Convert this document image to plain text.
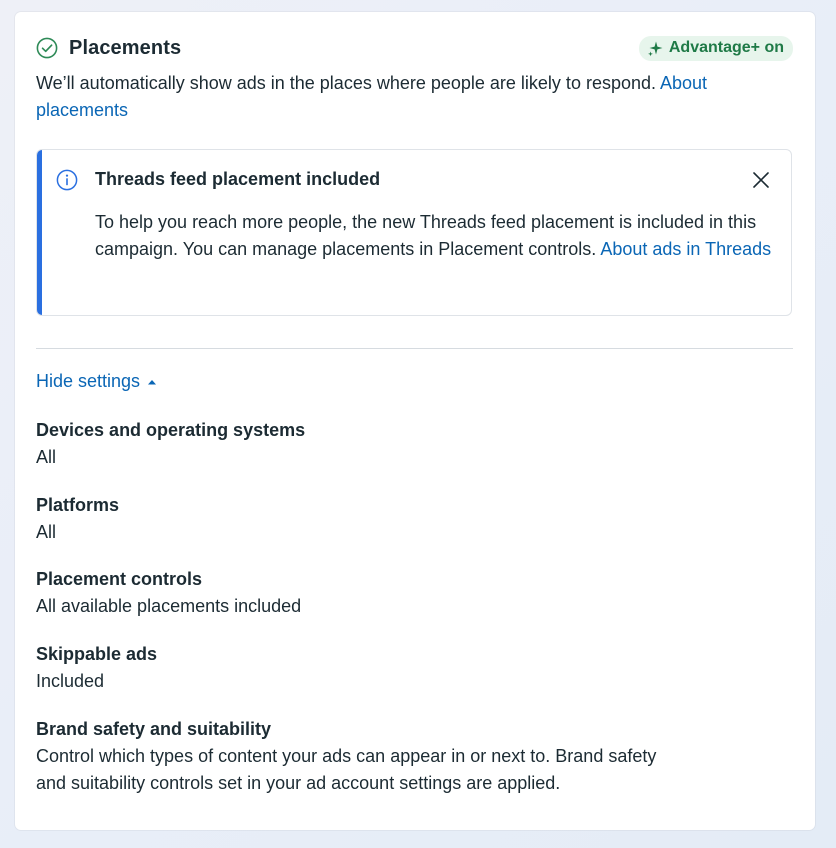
Placements	Advantage+ on
We’ll automatically show ads in the places where people are likely to respond. About placements
Threads feed placement included
To help you reach more people, the new Threads feed placement is included in this campaign. You can manage placements in Placement controls. About ads in Threads
Hide settings
Devices and operating systems
All
Platforms
All
Placement controls
All available placements included
Skippable ads
Included
Brand safety and suitability
Control which types of content your ads can appear in or next to. Brand safety and suitability controls set in your ad account settings are applied.
